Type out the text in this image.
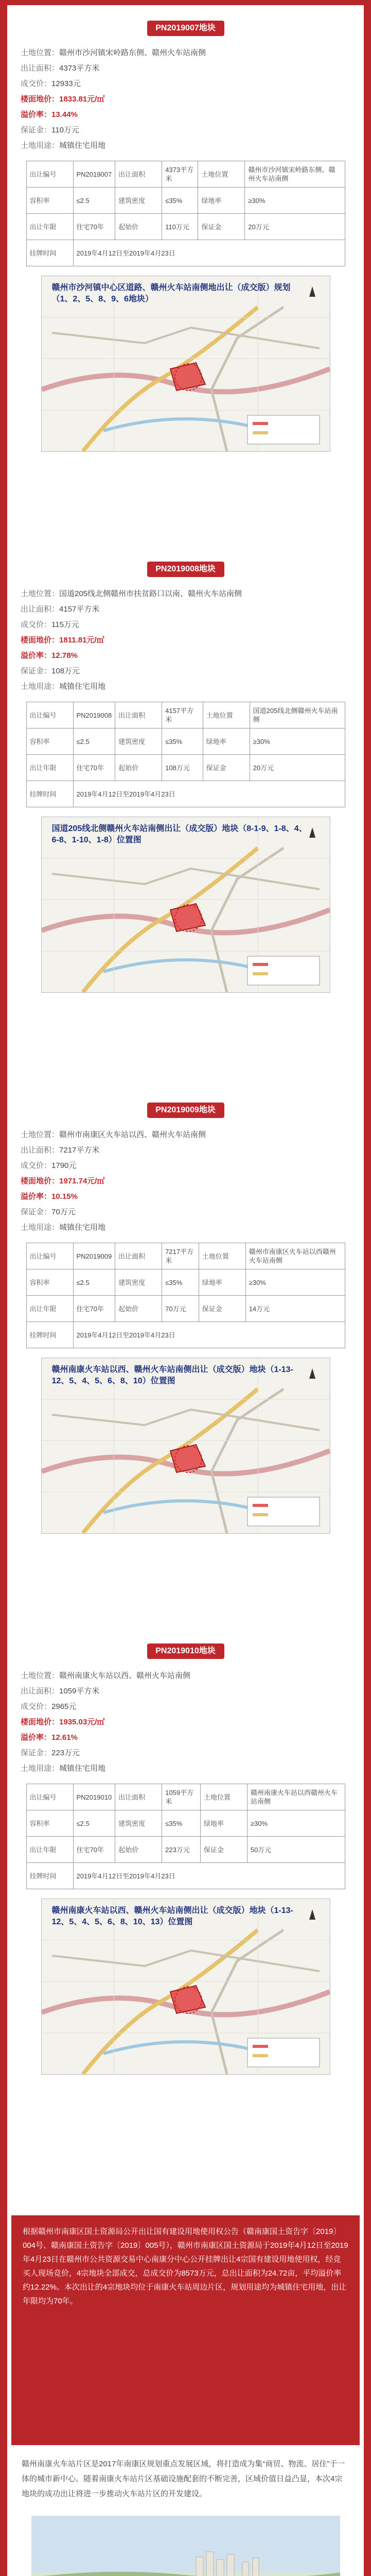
PN2019007地块
土地位置：赣州市沙河镇宋岭路东侧、赣州火车站南侧
出让面积：4373平方米
成交价：12933元
楼面地价：1833.81元/㎡
溢价率：13.44%
保证金：110万元
土地用途：城镇住宅用地
出让编号	PN2019007	出让面积	4373平方米	土地位置	赣州市沙河镇宋岭路东侧、赣州火车站南侧
容积率	≤2.5	建筑密度	≤35%	绿地率	≥30%
出让年限	住宅70年	起始价	110万元	保证金	20万元
挂牌时间	2019年4月12日至2019年4月23日				
赣州市沙河镇中心区道路、赣州火车站南侧地出让（成交版）规划（1、2、5、8、9、6地块）
PN2019008地块
土地位置：国道205线北侧赣州市扶贫路口以南、赣州火车站南侧
出让面积：4157平方米
成交价：115万元
楼面地价：1811.81元/㎡
溢价率：12.78%
保证金：108万元
土地用途：城镇住宅用地
出让编号	PN2019008	出让面积	4157平方米	土地位置	国道205线北侧赣州火车站南侧
容积率	≤2.5	建筑密度	≤35%	绿地率	≥30%
出让年限	住宅70年	起始价	108万元	保证金	20万元
挂牌时间	2019年4月12日至2019年4月23日				
国道205线北侧赣州火车站南侧出让（成交版）地块（8-1-9、1-8、4、6-8、1-10、1-8）位置图
PN2019009地块
土地位置：赣州市南康区火车站以西、赣州火车站南侧
出让面积：7217平方米
成交价：1790元
楼面地价：1971.74元/㎡
溢价率：10.15%
保证金：70万元
土地用途：城镇住宅用地
出让编号	PN2019009	出让面积	7217平方米	土地位置	赣州市南康区火车站以西赣州火车站南侧
容积率	≤2.5	建筑密度	≤35%	绿地率	≥30%
出让年限	住宅70年	起始价	70万元	保证金	14万元
挂牌时间	2019年4月12日至2019年4月23日				
赣州南康火车站以西、赣州火车站南侧出让（成交版）地块（1-13-12、5、4、5、6、8、10）位置图
PN2019010地块
土地位置：赣州南康火车站以西、赣州火车站南侧
出让面积：1059平方米
成交价：2965元
楼面地价：1935.03元/㎡
溢价率：12.61%
保证金：223万元
土地用途：城镇住宅用地
出让编号	PN2019010	出让面积	1059平方米	土地位置	赣州南康火车站以西赣州火车站南侧
容积率	≤2.5	建筑密度	≤35%	绿地率	≥30%
出让年限	住宅70年	起始价	223万元	保证金	50万元
挂牌时间	2019年4月12日至2019年4月23日				
赣州南康火车站以西、赣州火车站南侧出让（成交版）地块（1-13-12、5、4、5、6、8、10、13）位置图
根据赣州市南康区国土资源局公开出让国有建设用地使用权公告（赣南康国土资告字〔2019〕004号、赣南康国土资告字〔2019〕005号），赣州市南康区国土资源局于2019年4月12日至2019年4月23日在赣州市公共资源交易中心南康分中心公开挂牌出让4宗国有建设用地使用权，经竞买人现场竞价，4宗地块全部成交，总成交价为8573万元，总出让面积为24.72亩，平均溢价率约12.22%。本次出让的4宗地块均位于南康火车站周边片区，规划用途均为城镇住宅用地，出让年限均为70年。
赣州南康火车站片区是2017年南康区规划重点发展区域，将打造成为集“商贸、物流、居住”于一体的城市新中心。随着南康火车站片区基础设施配套的不断完善，区域价值日益凸显，本次4宗地块的成功出让将进一步推动火车站片区的开发建设。
